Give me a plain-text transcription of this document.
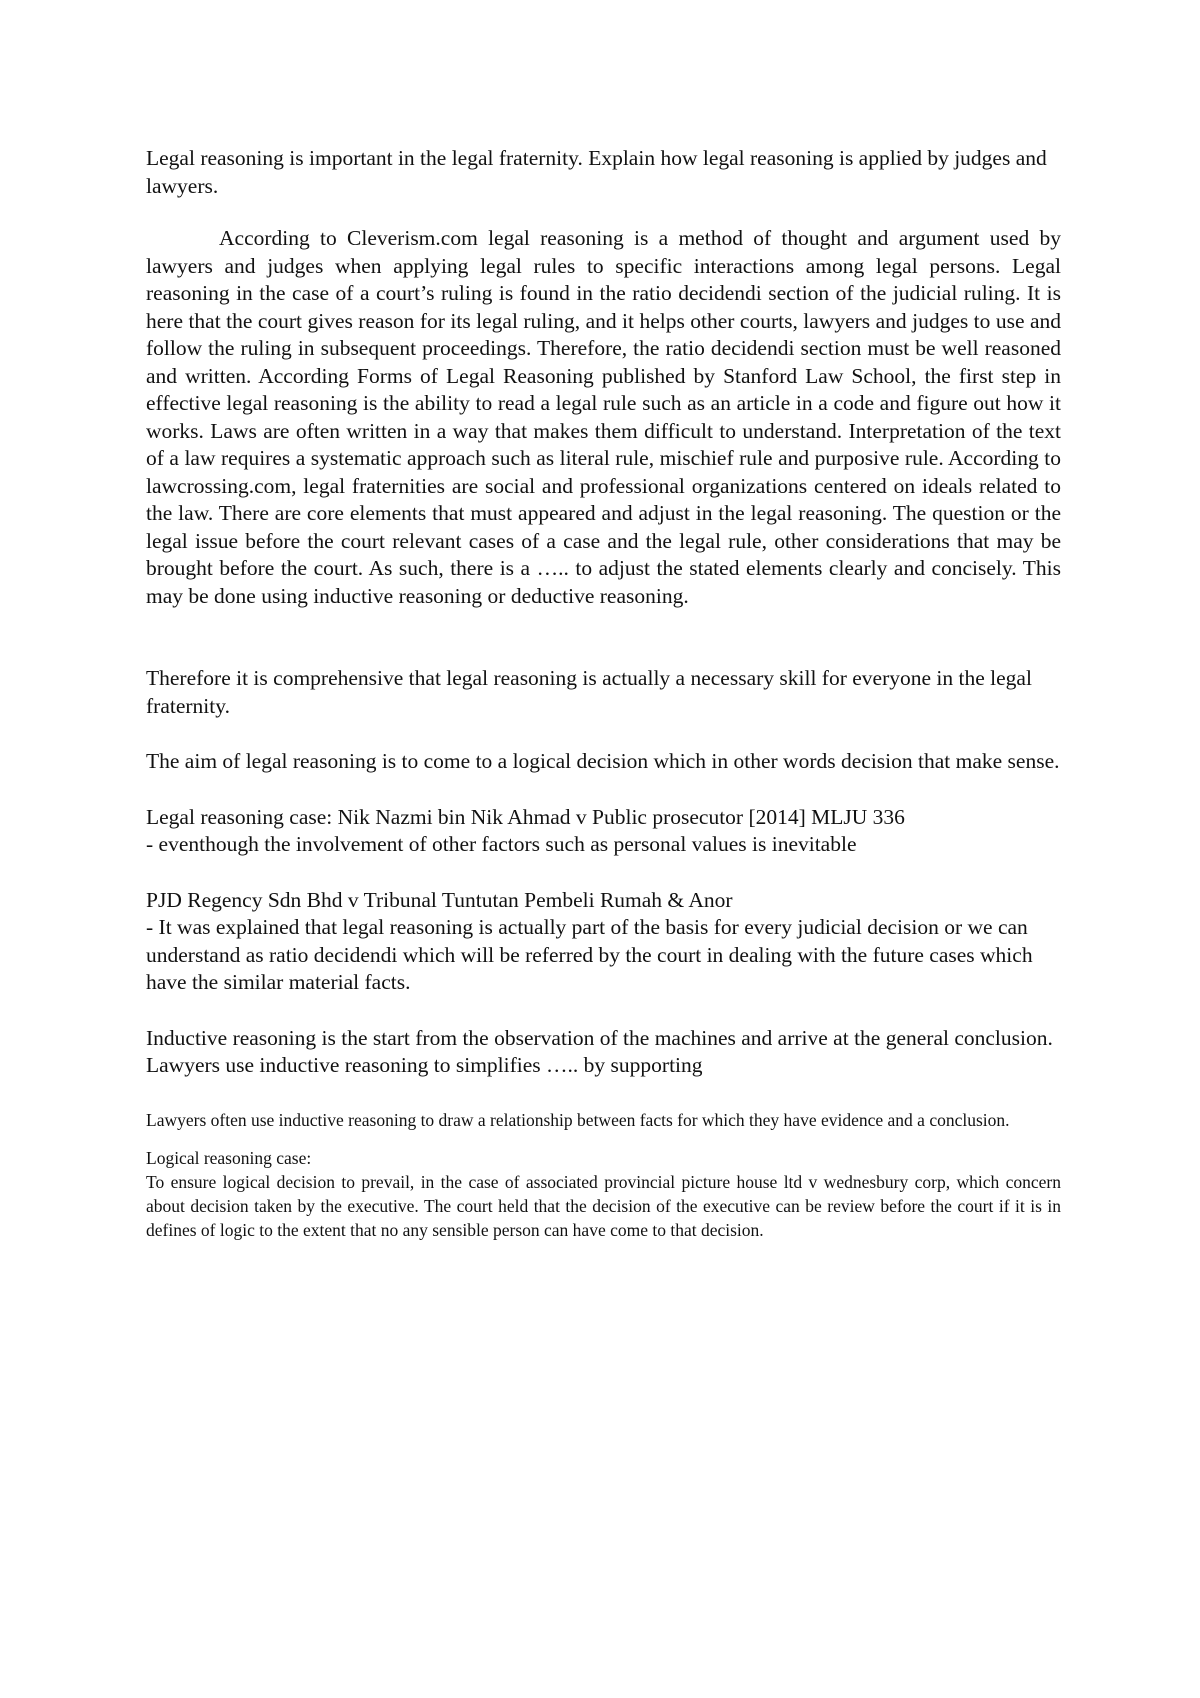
Legal reasoning is important in the legal fraternity. Explain how legal reasoning is applied by judges and lawyers.

According to Cleverism.com legal reasoning is a method of thought and argument used by lawyers and judges when applying legal rules to specific interactions among legal persons. Legal reasoning in the case of a court’s ruling is found in the ratio decidendi section of the judicial ruling. It is here that the court gives reason for its legal ruling, and it helps other courts, lawyers and judges to use and follow the ruling in subsequent proceedings. Therefore, the ratio decidendi section must be well reasoned and written. According Forms of Legal Reasoning published by Stanford Law School, the first step in effective legal reasoning is the ability to read a legal rule such as an article in a code and figure out how it works. Laws are often written in a way that makes them difficult to understand. Interpretation of the text of a law requires a systematic approach such as literal rule, mischief rule and purposive rule. According to lawcrossing.com, legal fraternities are social and professional organizations centered on ideals related to the law. There are core elements that must appeared and adjust in the legal reasoning. The question or the legal issue before the court relevant cases of a case and the legal rule, other considerations that may be brought before the court. As such, there is a ….. to adjust the stated elements clearly and concisely. This may be done using inductive reasoning or deductive reasoning.

Therefore it is comprehensive that legal reasoning is actually a necessary skill for everyone in the legal fraternity.

The aim of legal reasoning is to come to a logical decision which in other words decision that make sense.

Legal reasoning case: Nik Nazmi bin Nik Ahmad v Public prosecutor [2014] MLJU 336
- eventhough the involvement of other factors such as personal values is inevitable
PJD Regency Sdn Bhd v Tribunal Tuntutan Pembeli Rumah & Anor
- It was explained that legal reasoning is actually part of the basis for every judicial decision or we can understand as ratio decidendi which will be referred by the court in dealing with the future cases which have the similar material facts.

Inductive reasoning is the start from the observation of the machines and arrive at the general conclusion. Lawyers use inductive reasoning to simplifies ….. by supporting

Lawyers often use inductive reasoning to draw a relationship between facts for which they have evidence and a conclusion.

Logical reasoning case:
To ensure logical decision to prevail, in the case of associated provincial picture house ltd v wednesbury corp, which concern about decision taken by the executive. The court held that the decision of the executive can be review before the court if it is in defines of logic to the extent that no any sensible person can have come to that decision.
